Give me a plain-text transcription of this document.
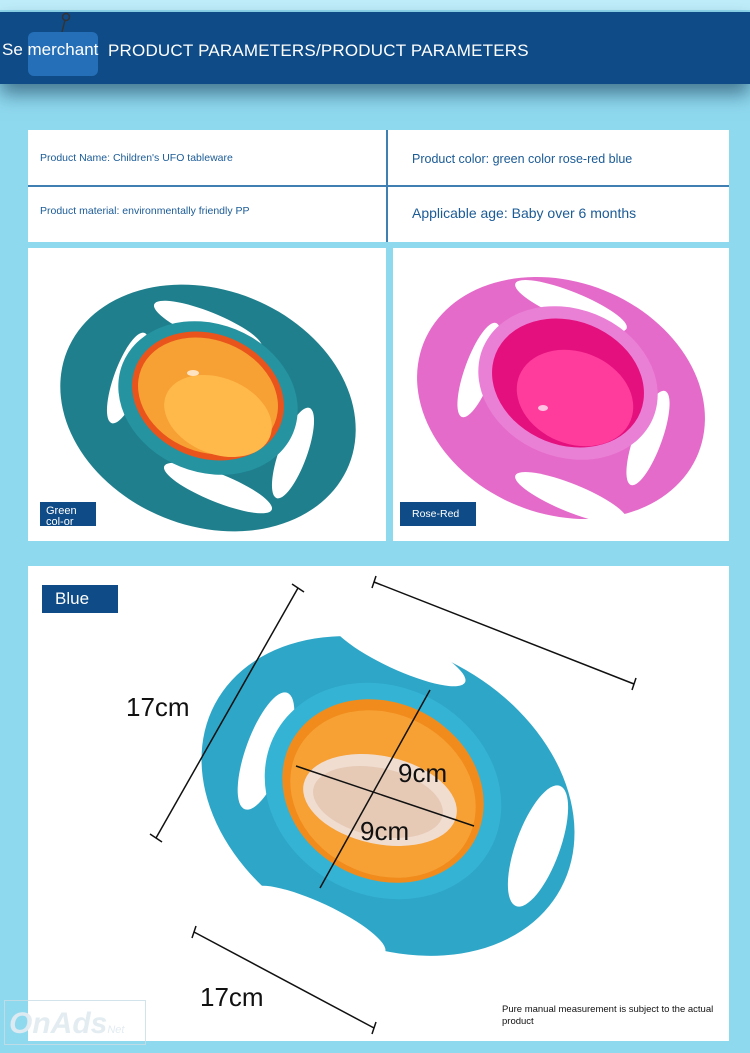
Se merchant PRODUCT PARAMETERS/PRODUCT PARAMETERS
Product Name: Children's UFO tableware	Product color: green color rose-red blue
Product material: environmentally friendly PP	Applicable age: Baby over 6 months
Green col-or
Rose-Red
Blue
17cm
17cm
9cm
9cm
Pure manual measurement is subject to the actual product
OnAdsNet
